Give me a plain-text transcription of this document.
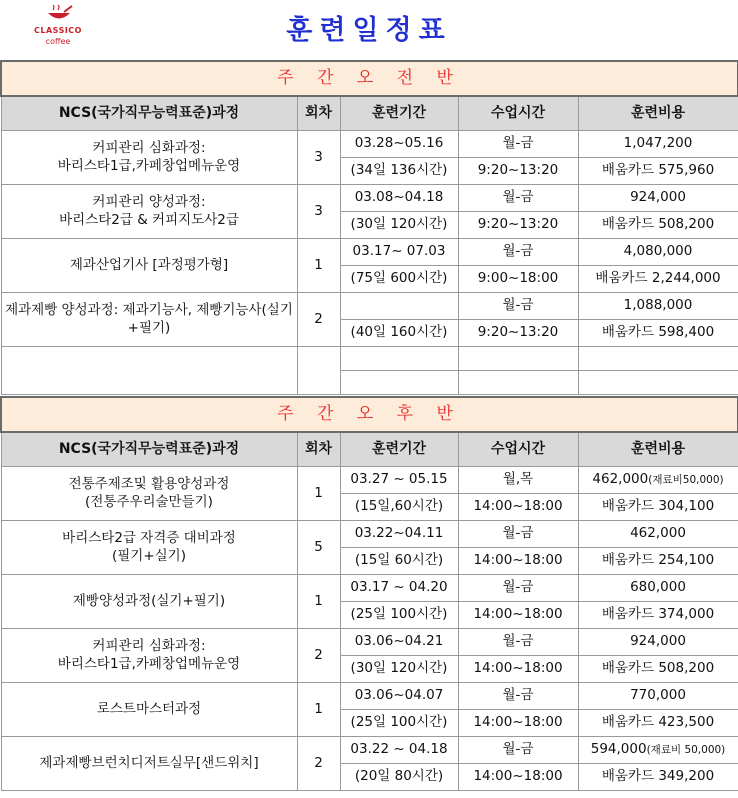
CLASSICO
coffee	훈련일정표
주 간 오 전 반				
NCS(국가직무능력표준)과정	회차	훈련기간	수업시간	훈련비용
커피관리 심화과정:
바리스타1급,카페창업메뉴운영	3	03.28~05.16	월-금	1,047,200
		(34일 136시간)	9:20~13:20	배움카드 575,960
커피관리 양성과정:
바리스타2급 & 커피지도사2급	3	03.08~04.18	월-금	924,000
		(30일 120시간)	9:20~13:20	배움카드 508,200
제과산업기사 [과정평가형]	1	03.17~ 07.03	월-금	4,080,000
		(75일 600시간)	9:00~18:00	배움카드 2,244,000
제과제빵 양성과정: 제과기능사, 제빵기능사(실기+필기)	2		월-금	1,088,000
		(40일 160시간)	9:20~13:20	배움카드 598,400

주 간 오 후 반				
NCS(국가직무능력표준)과정	회차	훈련기간	수업시간	훈련비용
전통주제조및 활용양성과정
(전통주우리술만들기)	1	03.27 ~ 05.15	월,목	462,000(재료비50,000)
		(15일,60시간)	14:00~18:00	배움카드 304,100
바리스타2급 자격증 대비과정
(필기+실기)	5	03.22~04.11	월-금	462,000
		(15일 60시간)	14:00~18:00	배움카드 254,100
제빵양성과정(실기+필기)	1	03.17 ~ 04.20	월-금	680,000
		(25일 100시간)	14:00~18:00	배움카드 374,000
커피관리 심화과정:
바리스타1급,카페창업메뉴운영	2	03.06~04.21	월-금	924,000
		(30일 120시간)	14:00~18:00	배움카드 508,200
로스트마스터과정	1	03.06~04.07	월-금	770,000
		(25일 100시간)	14:00~18:00	배움카드 423,500
제과제빵브런치디저트실무[샌드위치]	2	03.22 ~ 04.18	월-금	594,000(재료비 50,000)
		(20일 80시간)	14:00~18:00	배움카드 349,200
